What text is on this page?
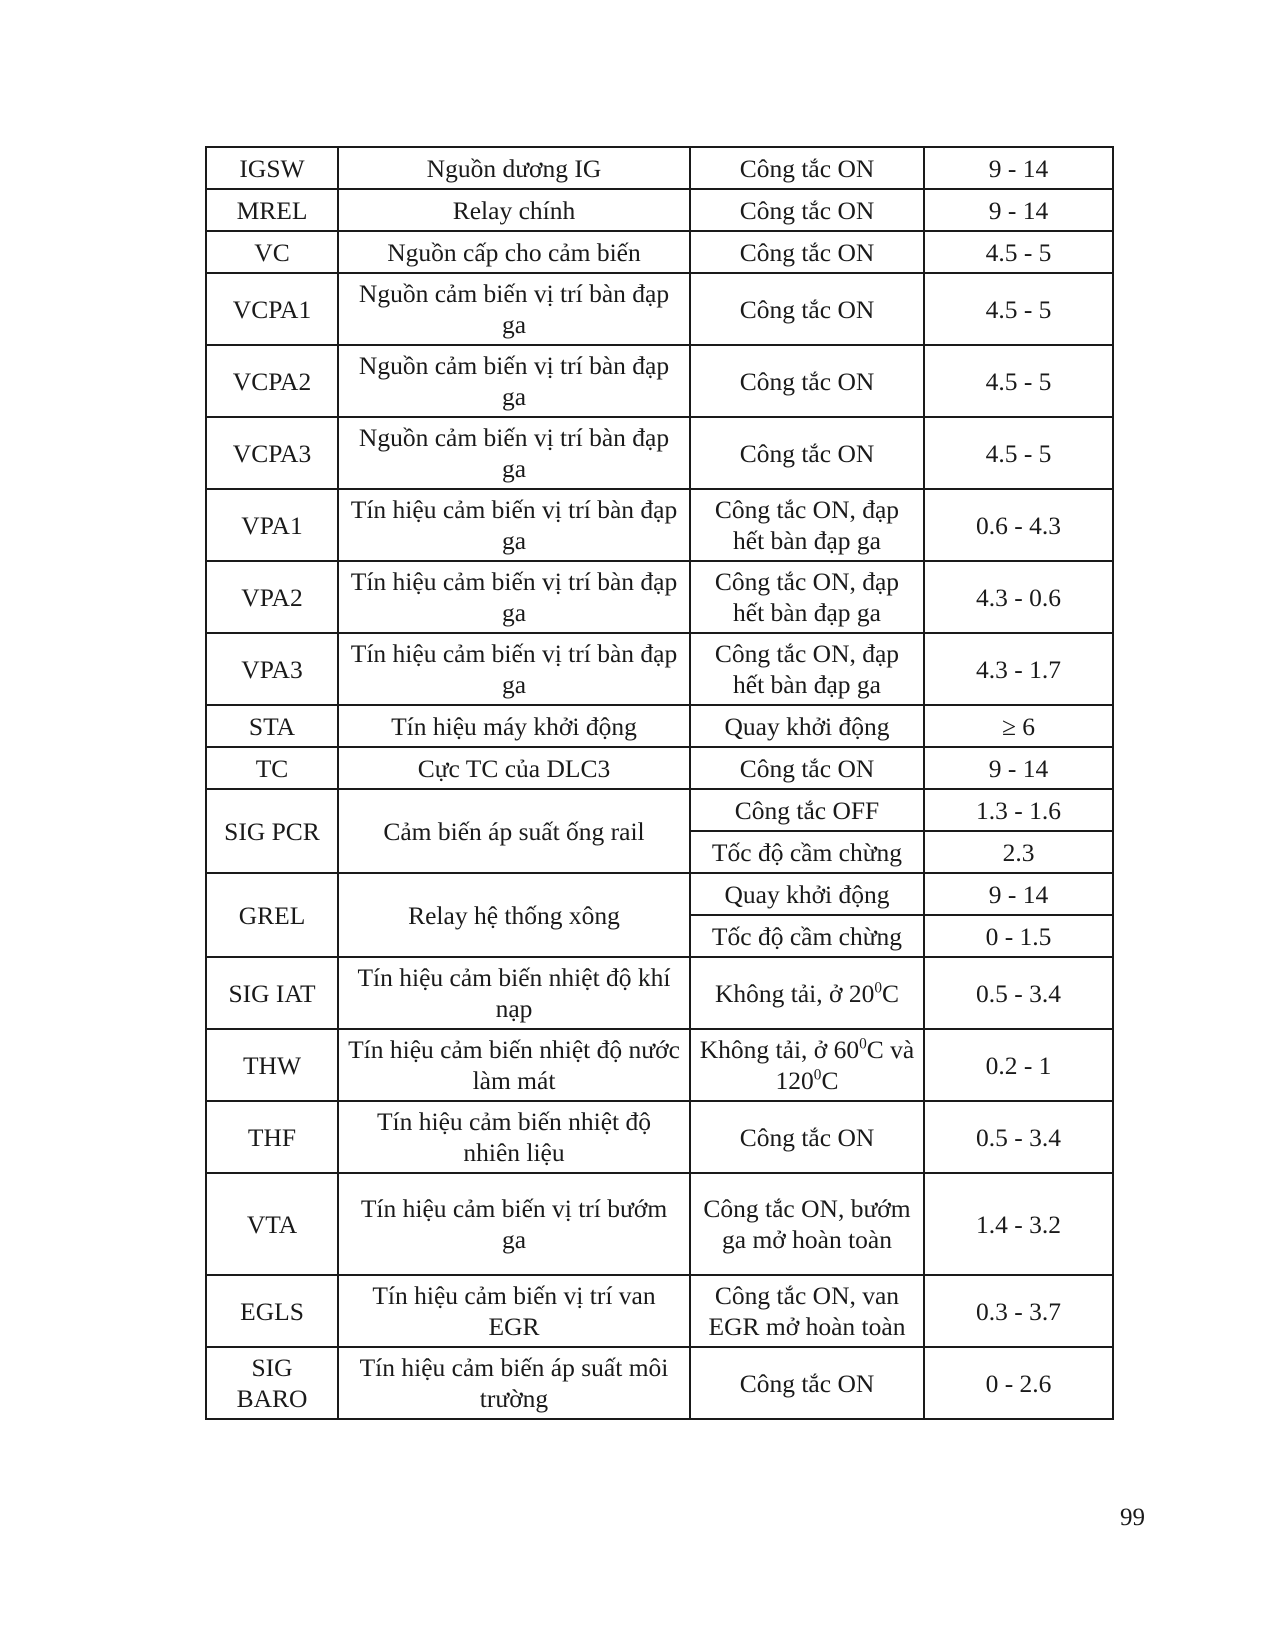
IGSW	Nguồn dương IG	Công tắc ON	9 - 14
MREL	Relay chính	Công tắc ON	9 - 14
VC	Nguồn cấp cho cảm biến	Công tắc ON	4.5 - 5
VCPA1	Nguồn cảm biến vị trí bàn đạp ga	Công tắc ON	4.5 - 5
VCPA2	Nguồn cảm biến vị trí bàn đạp ga	Công tắc ON	4.5 - 5
VCPA3	Nguồn cảm biến vị trí bàn đạp ga	Công tắc ON	4.5 - 5
VPA1	Tín hiệu cảm biến vị trí bàn đạp ga	Công tắc ON, đạp hết bàn đạp ga	0.6 - 4.3
VPA2	Tín hiệu cảm biến vị trí bàn đạp ga	Công tắc ON, đạp hết bàn đạp ga	4.3 - 0.6
VPA3	Tín hiệu cảm biến vị trí bàn đạp ga	Công tắc ON, đạp hết bàn đạp ga	4.3 - 1.7
STA	Tín hiệu máy khởi động	Quay khởi động	≥ 6
TC	Cực TC của DLC3	Công tắc ON	9 - 14
SIG PCR	Cảm biến áp suất ống rail	Công tắc OFF	1.3 - 1.6
		Tốc độ cầm chừng	2.3
GREL	Relay hệ thống xông	Quay khởi động	9 - 14
		Tốc độ cầm chừng	0 - 1.5
SIG IAT	Tín hiệu cảm biến nhiệt độ khí nạp	Không tải, ở $20^0C$	0.5 - 3.4
THW	Tín hiệu cảm biến nhiệt độ nước làm mát	Không tải, ở $60^0C$ và $120^0C$	0.2 - 1
THF	Tín hiệu cảm biến nhiệt độ nhiên liệu	Công tắc ON	0.5 - 3.4
VTA	Tín hiệu cảm biến vị trí bướm ga	Công tắc ON, bướm ga mở hoàn toàn	1.4 - 3.2
EGLS	Tín hiệu cảm biến vị trí van EGR	Công tắc ON, van EGR mở hoàn toàn	0.3 - 3.7
SIG BARO	Tín hiệu cảm biến áp suất môi trường	Công tắc ON	0 - 2.6
99
